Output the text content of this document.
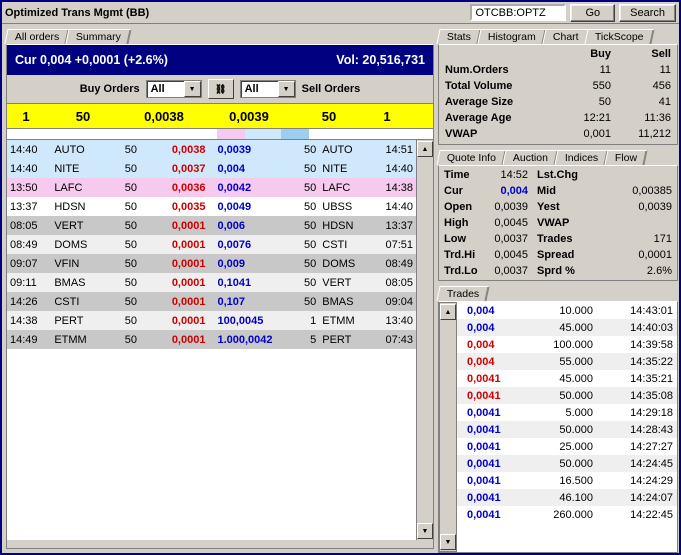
Optimized Trans Mgmt (BB)	OTCBB:OPTZ	Go	Search
All orders	Summary
Cur 0,004 +0,0001 (+2.6%)	Vol: 20,516,731
Buy Orders All	▼	⛓	All	▼	Sell Orders
1	50	0,0038	0,0039	50	1
14:40	AUTO	50	0,0038	0,0039	50	AUTO	14:51
14:40	NITE	50	0,0037	0,004	50	NITE	14:40
13:50	LAFC	50	0,0036	0,0042	50	LAFC	14:38
13:37	HDSN	50	0,0035	0,0049	50	UBSS	14:40
08:05	VERT	50	0,0001	0,006	50	HDSN	13:37
08:49	DOMS	50	0,0001	0,0076	50	CSTI	07:51
09:07	VFIN	50	0,0001	0,009	50	DOMS	08:49
09:11	BMAS	50	0,0001	0,1041	50	VERT	08:05
14:26	CSTI	50	0,0001	0,107	50	BMAS	09:04
14:38	PERT	50	0,0001	100,0045	1	ETMM	13:40
14:49	ETMM	50	0,0001	1.000,0042	5	PERT	07:43
▲
▼
Stats	Histogram	Chart	TickScope
	Buy	Sell
Num.Orders	11	11
Total Volume	550	456
Average Size	50	41
Average Age	12:21	11:36
VWAP	0,001	11,212
Quote Info	Auction	Indices	Flow
Time	14:52	Lst.Chg	
Cur	0,004	Mid	0,00385
Open	0,0039	Yest	0,0039
High	0,0045	VWAP	
Low	0,0037	Trades	171
Trd.Hi	0,0045	Spread	0,0001
Trd.Lo	0,0037	Sprd %	2.6%
Trades
▲
▼
0,004	10.000	14:43:01
0,004	45.000	14:40:03
0,004	100.000	14:39:58
0,004	55.000	14:35:22
0,0041	45.000	14:35:21
0,0041	50.000	14:35:08
0,0041	5.000	14:29:18
0,0041	50.000	14:28:43
0,0041	25.000	14:27:27
0,0041	50.000	14:24:45
0,0041	16.500	14:24:29
0,0041	46.100	14:24:07
0,0041	260.000	14:22:45
